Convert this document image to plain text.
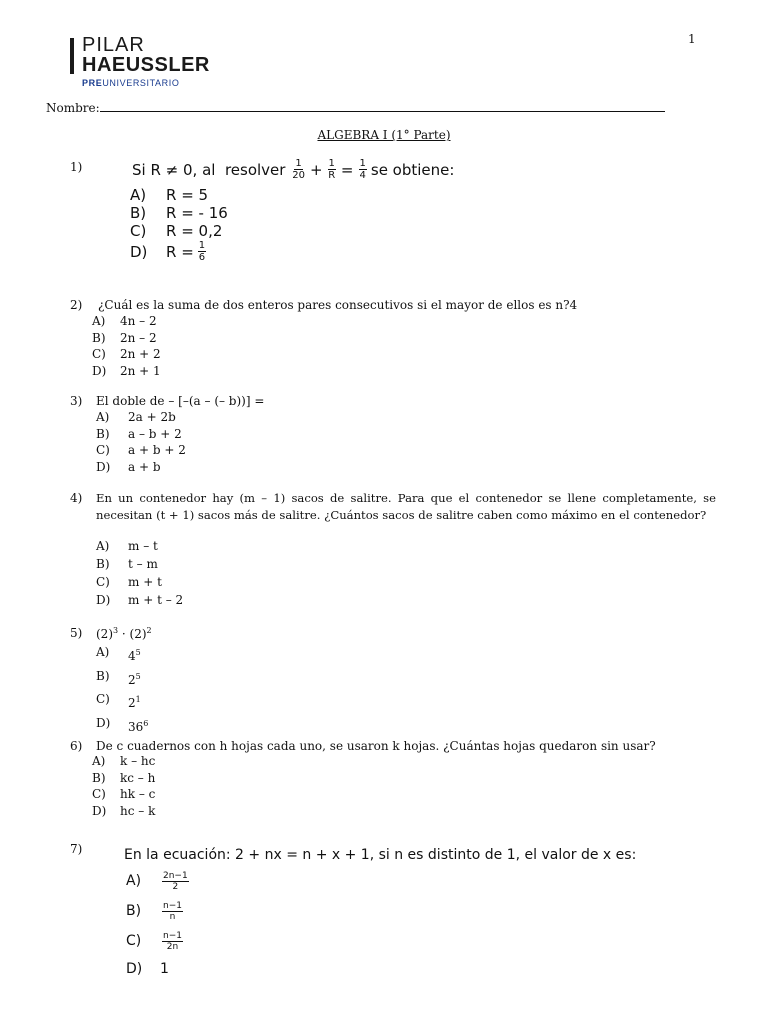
PILAR
HAEUSSLER
PREUNIVERSITARIO
1
Nombre:
ALGEBRA I (1° Parte)
1)	Si R ≠ 0, al  resolver $\frac{1}{20} + \frac{1}{R} = \frac{1}{4}$ se obtiene:
A) R = 5
B) R = - 16
C) R = 0,2
D) $R = \frac{1}{6}$
2) ¿Cuál es la suma de dos enteros pares consecutivos si el mayor de ellos es n?4
A)	4n – 2
B)	2n – 2
C)	2n + 2
D)	2n + 1
3) El doble de – [–(a – (– b))] =
A)	2a + 2b
B)	a – b + 2
C)	a + b + 2
D)	a + b
4) En un contenedor hay (m – 1) sacos de salitre. Para que el contenedor se llene completamente, se necesitan (t + 1) sacos más de salitre. ¿Cuántos sacos de salitre caben como máximo en el contenedor?
A)	m – t
B)	t – m
C)	m + t
D)	m + t – 2
5) $(2)^3 \cdot (2)^2$
A)	$4^5$
B)	$2^5$
C)	$2^1$
D)	$36^6$
6) De c cuadernos con h hojas cada uno, se usaron k hojas. ¿Cuántas hojas quedaron sin usar?
A)	k – hc
B)	kc – h
C)	hk – c
D)	hc – k
7)	En la ecuación: 2 + nx = n + x + 1, si n es distinto de 1, el valor de x es:
A)	$\frac{2n-1}{2}$
B)	$\frac{n-1}{n}$
C)	$\frac{n-1}{2n}$
D) 1
